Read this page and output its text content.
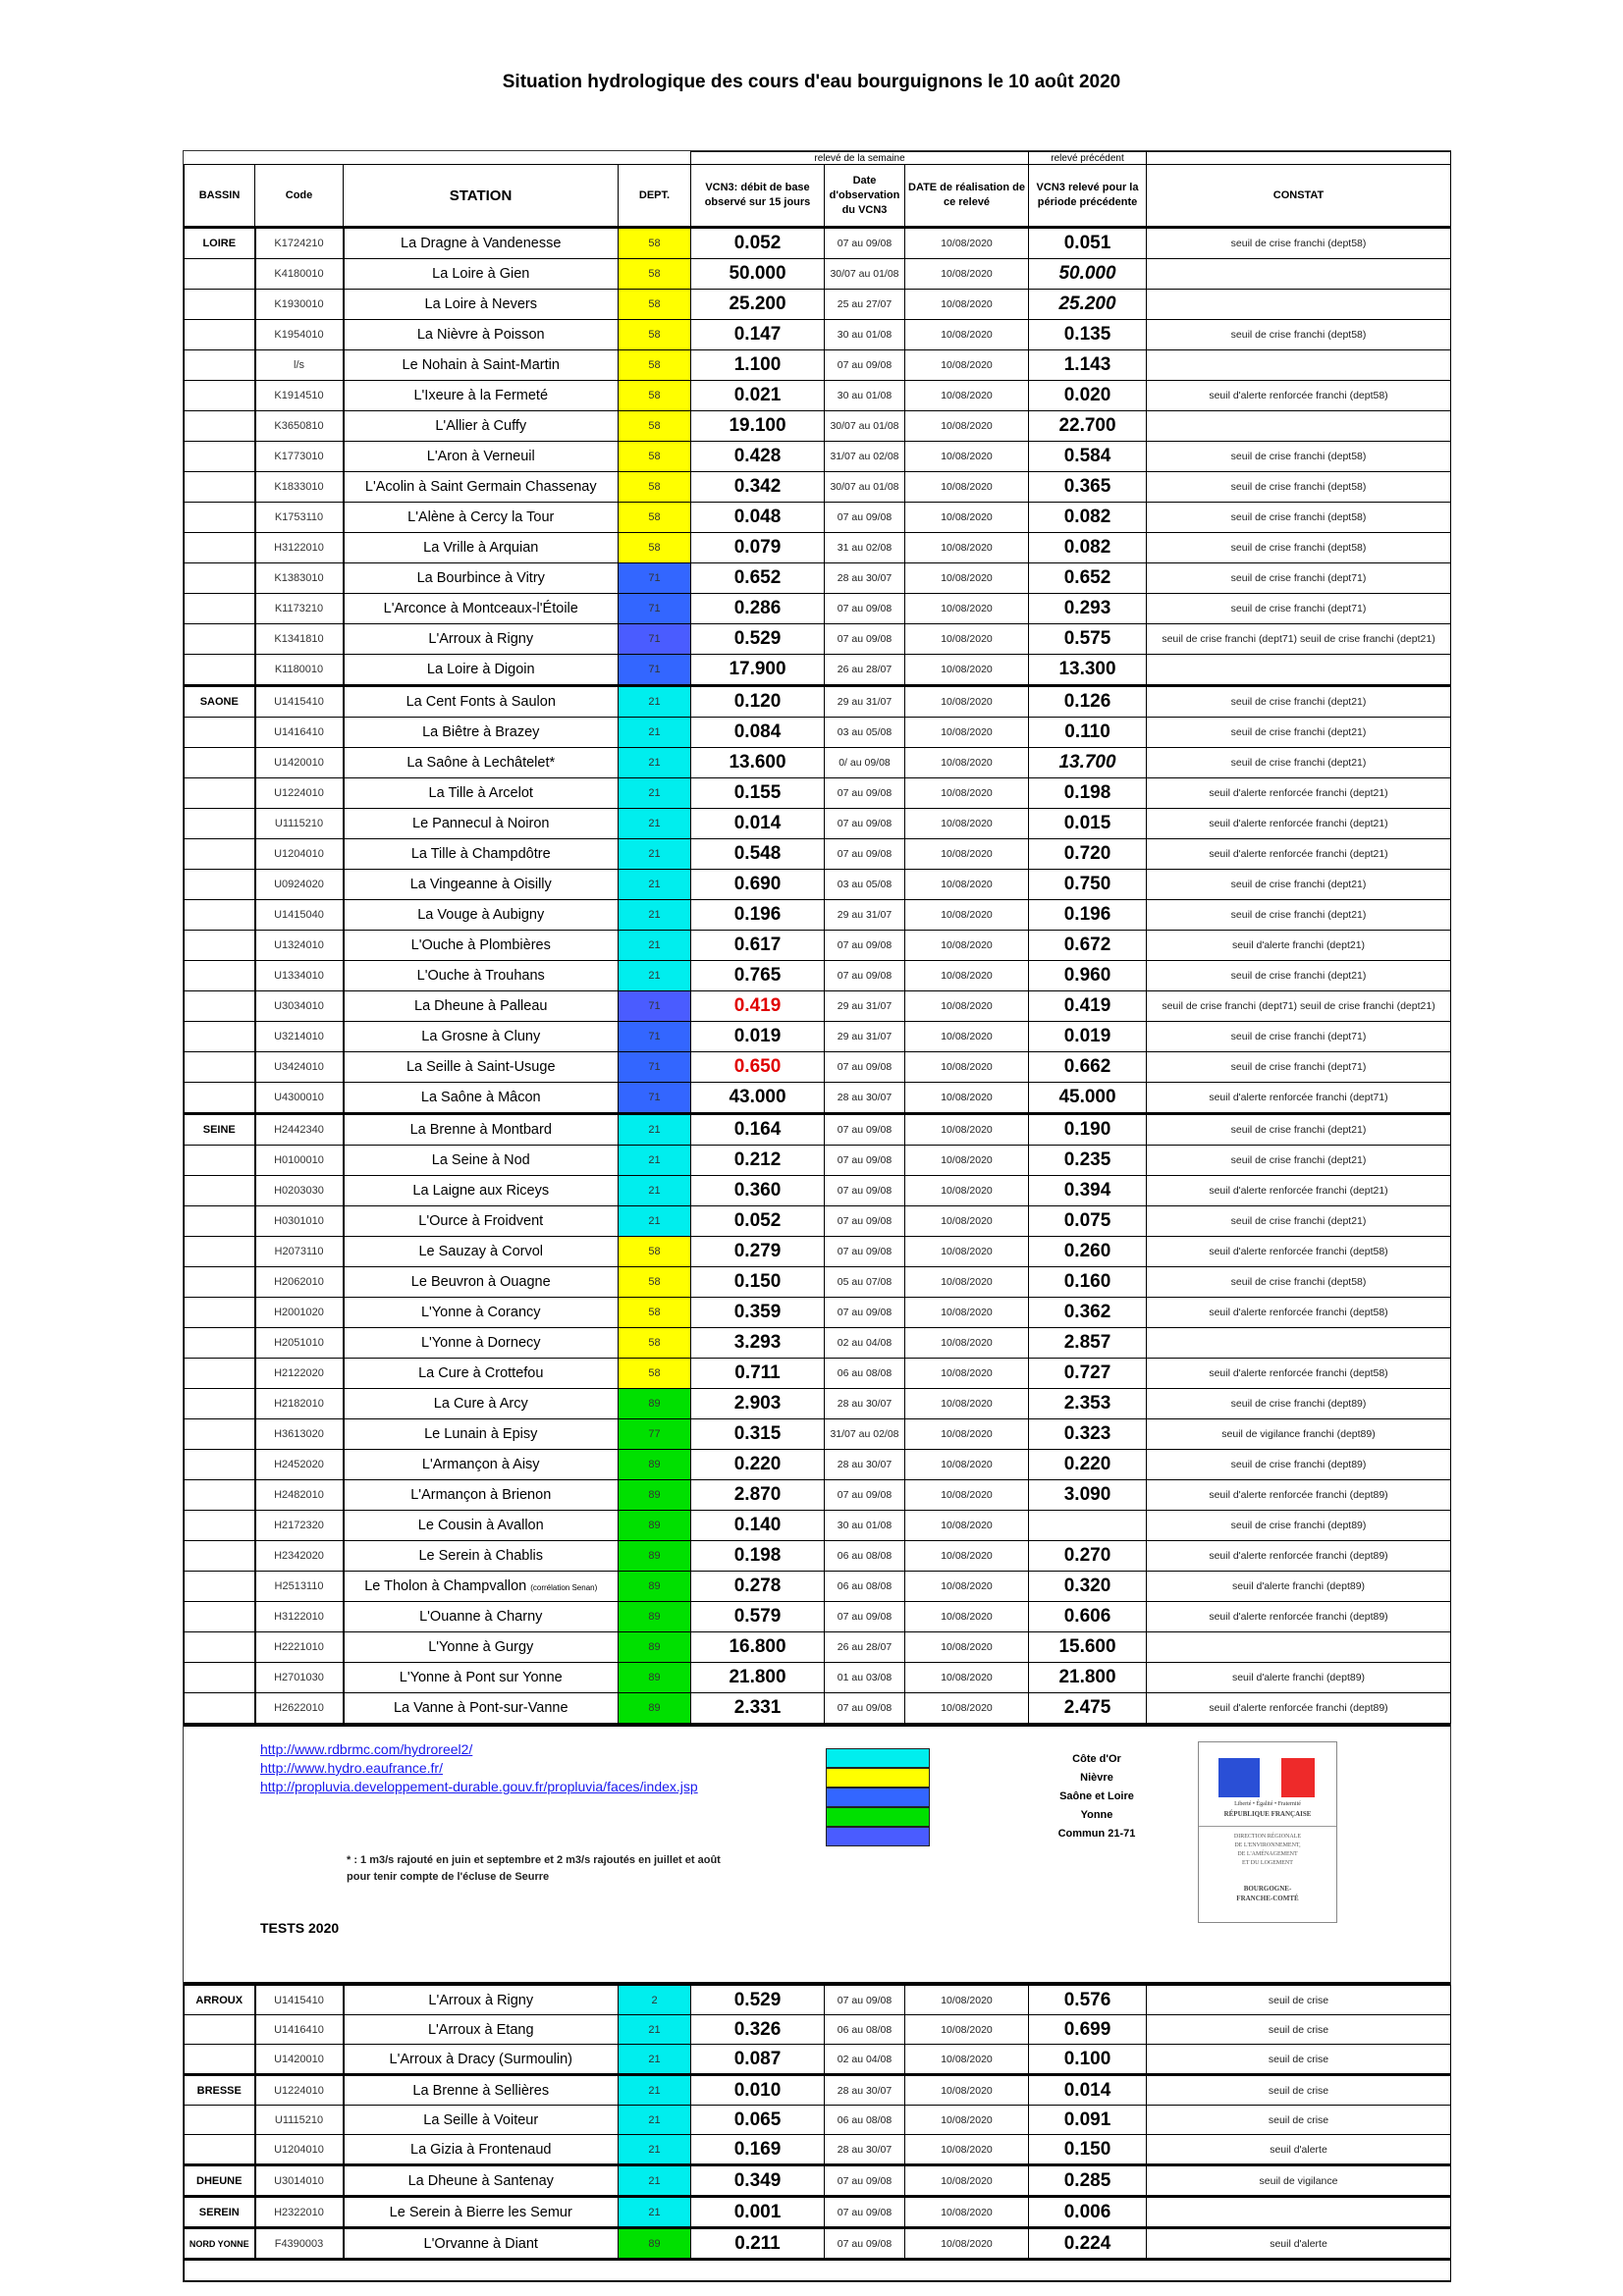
Situation hydrologique des cours d'eau bourguignons le 10 août 2020
				relevé de la semaine			relevé précédent	
BASSIN	Code	STATION	DEPT.	VCN3: débit de base observé sur 15 jours	Date d'observation du VCN3	DATE de réalisation de ce relevé	VCN3 relevé pour la période précédente	CONSTAT
LOIRE	K1724210	La Dragne à Vandenesse	58	0.052	07 au 09/08	10/08/2020	0.051	seuil de crise franchi (dept58)
	K4180010	La Loire à Gien	58	50.000	30/07 au 01/08	10/08/2020	50.000	
	K1930010	La Loire à Nevers	58	25.200	25 au 27/07	10/08/2020	25.200	
	K1954010	La Nièvre à Poisson	58	0.147	30 au 01/08	10/08/2020	0.135	seuil de crise franchi (dept58)
	l/s	Le Nohain à Saint-Martin	58	1.100	07 au 09/08	10/08/2020	1.143	
	K1914510	L'Ixeure à la Fermeté	58	0.021	30 au 01/08	10/08/2020	0.020	seuil d'alerte renforcée franchi (dept58)
	K3650810	L'Allier à Cuffy	58	19.100	30/07 au 01/08	10/08/2020	22.700	
	K1773010	L'Aron à Verneuil	58	0.428	31/07 au 02/08	10/08/2020	0.584	seuil de crise franchi (dept58)
	K1833010	L'Acolin à Saint Germain Chassenay	58	0.342	30/07 au 01/08	10/08/2020	0.365	seuil de crise franchi (dept58)
	K1753110	L'Alène à Cercy la Tour	58	0.048	07 au 09/08	10/08/2020	0.082	seuil de crise franchi (dept58)
	H3122010	La Vrille à Arquian	58	0.079	31 au 02/08	10/08/2020	0.082	seuil de crise franchi (dept58)
	K1383010	La Bourbince à Vitry	71	0.652	28 au 30/07	10/08/2020	0.652	seuil de crise franchi (dept71)
	K1173210	L'Arconce à Montceaux-l'Étoile	71	0.286	07 au 09/08	10/08/2020	0.293	seuil de crise franchi (dept71)
	K1341810	L'Arroux à Rigny	71	0.529	07 au 09/08	10/08/2020	0.575	seuil de crise franchi (dept71) seuil de crise franchi (dept21)
	K1180010	La Loire à Digoin	71	17.900	26 au 28/07	10/08/2020	13.300	
SAONE	U1415410	La Cent Fonts à Saulon	21	0.120	29 au 31/07	10/08/2020	0.126	seuil de crise franchi (dept21)
	U1416410	La Biêtre à Brazey	21	0.084	03 au 05/08	10/08/2020	0.110	seuil de crise franchi (dept21)
	U1420010	La Saône à Lechâtelet*	21	13.600	0/ au 09/08	10/08/2020	13.700	seuil de crise franchi (dept21)
	U1224010	La Tille à Arcelot	21	0.155	07 au 09/08	10/08/2020	0.198	seuil d'alerte renforcée franchi (dept21)
	U1115210	Le Pannecul à Noiron	21	0.014	07 au 09/08	10/08/2020	0.015	seuil d'alerte renforcée franchi (dept21)
	U1204010	La Tille à Champdôtre	21	0.548	07 au 09/08	10/08/2020	0.720	seuil d'alerte renforcée franchi (dept21)
	U0924020	La Vingeanne à Oisilly	21	0.690	03 au 05/08	10/08/2020	0.750	seuil de crise franchi (dept21)
	U1415040	La Vouge à Aubigny	21	0.196	29 au 31/07	10/08/2020	0.196	seuil de crise franchi (dept21)
	U1324010	L'Ouche à Plombières	21	0.617	07 au 09/08	10/08/2020	0.672	seuil d'alerte franchi (dept21)
	U1334010	L'Ouche à Trouhans	21	0.765	07 au 09/08	10/08/2020	0.960	seuil de crise franchi (dept21)
	U3034010	La Dheune à Palleau	71	0.419	29 au 31/07	10/08/2020	0.419	seuil de crise franchi (dept71) seuil de crise franchi (dept21)
	U3214010	La Grosne à Cluny	71	0.019	29 au 31/07	10/08/2020	0.019	seuil de crise franchi (dept71)
	U3424010	La Seille à Saint-Usuge	71	0.650	07 au 09/08	10/08/2020	0.662	seuil de crise franchi (dept71)
	U4300010	La Saône à Mâcon	71	43.000	28 au 30/07	10/08/2020	45.000	seuil d'alerte renforcée franchi (dept71)
SEINE	H2442340	La Brenne à Montbard	21	0.164	07 au 09/08	10/08/2020	0.190	seuil de crise franchi (dept21)
	H0100010	La Seine à Nod	21	0.212	07 au 09/08	10/08/2020	0.235	seuil de crise franchi (dept21)
	H0203030	La Laigne aux Riceys	21	0.360	07 au 09/08	10/08/2020	0.394	seuil d'alerte renforcée franchi (dept21)
	H0301010	L'Ource à Froidvent	21	0.052	07 au 09/08	10/08/2020	0.075	seuil de crise franchi (dept21)
	H2073110	Le Sauzay à Corvol	58	0.279	07 au 09/08	10/08/2020	0.260	seuil d'alerte renforcée franchi (dept58)
	H2062010	Le Beuvron à Ouagne	58	0.150	05 au 07/08	10/08/2020	0.160	seuil de crise franchi (dept58)
	H2001020	L'Yonne à Corancy	58	0.359	07 au 09/08	10/08/2020	0.362	seuil d'alerte renforcée franchi (dept58)
	H2051010	L'Yonne à Dornecy	58	3.293	02 au 04/08	10/08/2020	2.857	
	H2122020	La Cure à Crottefou	58	0.711	06 au 08/08	10/08/2020	0.727	seuil d'alerte renforcée franchi (dept58)
	H2182010	La Cure à Arcy	89	2.903	28 au 30/07	10/08/2020	2.353	seuil de crise franchi (dept89)
	H3613020	Le Lunain à Episy	77	0.315	31/07 au 02/08	10/08/2020	0.323	seuil de vigilance franchi (dept89)
	H2452020	L'Armançon à Aisy	89	0.220	28 au 30/07	10/08/2020	0.220	seuil de crise franchi (dept89)
	H2482010	L'Armançon à Brienon	89	2.870	07 au 09/08	10/08/2020	3.090	seuil d'alerte renforcée franchi (dept89)
	H2172320	Le Cousin à Avallon	89	0.140	30 au 01/08	10/08/2020		seuil de crise franchi (dept89)
	H2342020	Le Serein à Chablis	89	0.198	06 au 08/08	10/08/2020	0.270	seuil d'alerte renforcée franchi (dept89)
	H2513110	Le Tholon à Champvallon (corrélation Senan)	89	0.278	06 au 08/08	10/08/2020	0.320	seuil d'alerte franchi (dept89)
	H3122010	L'Ouanne à Charny	89	0.579	07 au 09/08	10/08/2020	0.606	seuil d'alerte renforcée franchi (dept89)
	H2221010	L'Yonne à Gurgy	89	16.800	26 au 28/07	10/08/2020	15.600	
	H2701030	L'Yonne à Pont sur Yonne	89	21.800	01 au 03/08	10/08/2020	21.800	seuil d'alerte franchi (dept89)
	H2622010	La Vanne à Pont-sur-Vanne	89	2.331	07 au 09/08	10/08/2020	2.475	seuil d'alerte renforcée franchi (dept89)
http://www.rdbrmc.com/hydroreel2/
http://www.hydro.eaufrance.fr/
http://propluvia.developpement-durable.gouv.fr/propluvia/faces/index.jsp
Côte d'Or
Nièvre
Saône et Loire
Yonne
Commun 21-71
* : 1 m3/s rajouté en juin et septembre et 2 m3/s rajoutés en juillet et août
pour tenir compte de l'écluse de Seurre
TESTS 2020
Liberté • Égalité • Fraternité
RÉPUBLIQUE FRANÇAISE
DIRECTION RÉGIONALE
DE L'ENVIRONNEMENT,
DE L'AMÉNAGEMENT
ET DU LOGEMENT
BOURGOGNE-
FRANCHE-COMTÉ
ARROUX	U1415410	L'Arroux à Rigny	2	0.529	07 au 09/08	10/08/2020	0.576	seuil de crise
	U1416410	L'Arroux à Etang	21	0.326	06 au 08/08	10/08/2020	0.699	seuil de crise
	U1420010	L'Arroux à Dracy (Surmoulin)	21	0.087	02 au 04/08	10/08/2020	0.100	seuil de crise
BRESSE	U1224010	La Brenne à Sellières	21	0.010	28 au 30/07	10/08/2020	0.014	seuil de crise
	U1115210	La Seille à Voiteur	21	0.065	06 au 08/08	10/08/2020	0.091	seuil de crise
	U1204010	La Gizia à Frontenaud	21	0.169	28 au 30/07	10/08/2020	0.150	seuil d'alerte
DHEUNE	U3014010	La Dheune à Santenay	21	0.349	07 au 09/08	10/08/2020	0.285	seuil de vigilance
SEREIN	H2322010	Le Serein à Bierre les Semur	21	0.001	07 au 09/08	10/08/2020	0.006	
NORD YONNE	F4390003	L'Orvanne à Diant	89	0.211	07 au 09/08	10/08/2020	0.224	seuil d'alerte
